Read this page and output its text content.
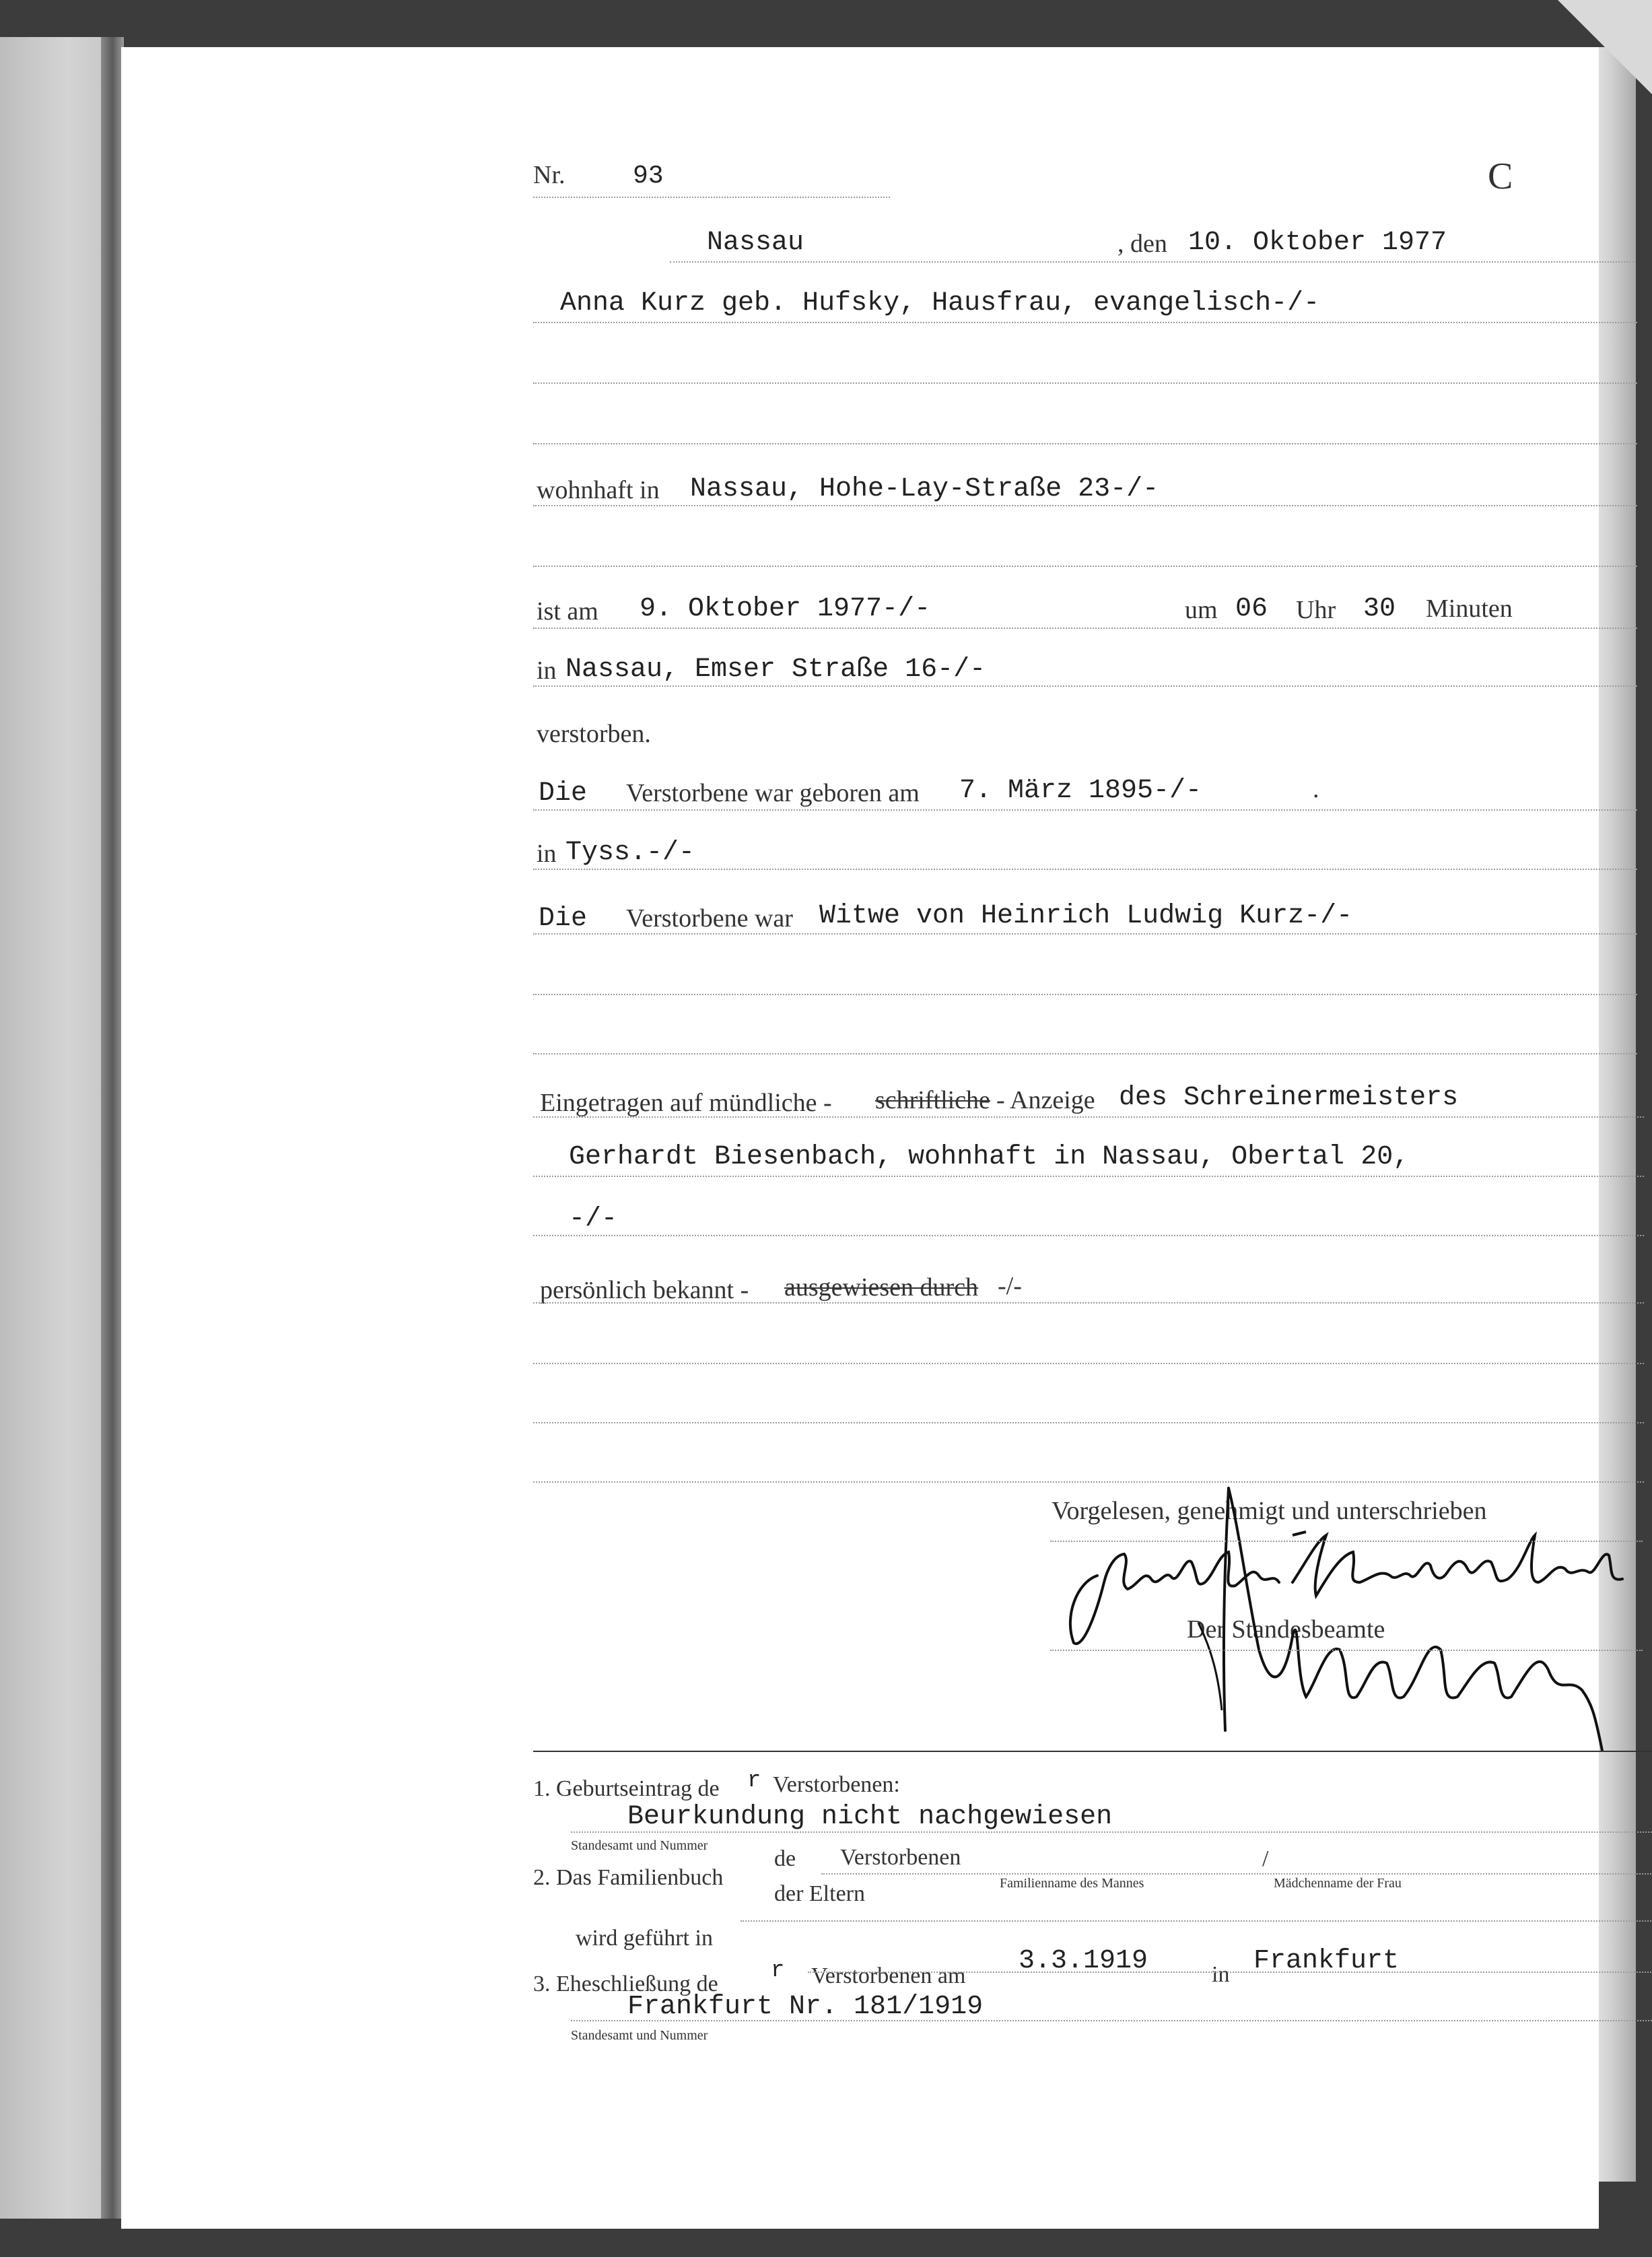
Nr.	93	C
Nassau	, den 10. Oktober 1977
Anna Kurz geb. Hufsky, Hausfrau, evangelisch-/-
wohnhaft in Nassau, Hohe-Lay-Straße 23-/-
ist am 9. Oktober 1977-/-	um 06 Uhr 30 Minuten
in Nassau, Emser Straße 16-/-
verstorben.
Die Verstorbene war geboren am 7. März 1895-/-	.
in Tyss.-/-
Die Verstorbene war Witwe von Heinrich Ludwig Kurz-/-
Eingetragen auf mündliche - schriftliche - Anzeige des Schreinermeisters
Gerhardt Biesenbach, wohnhaft in Nassau, Obertal 20,
-/-
persönlich bekannt - ausgewiesen durch -/-
Vorgelesen, genehmigt und unterschrieben
Der Standesbeamte
1. Geburtseintrag de r Verstorbenen:
Beurkundung nicht nachgewiesen
Standesamt und Nummer
2. Das Familienbuch
de Verstorbenen	/
Familienname des Mannes	Mädchenname der Frau
der Eltern
wird geführt in
3. Eheschließung de
r Verstorbenen am 3.3.1919	in Frankfurt
Frankfurt Nr. 181/1919
Standesamt und Nummer
